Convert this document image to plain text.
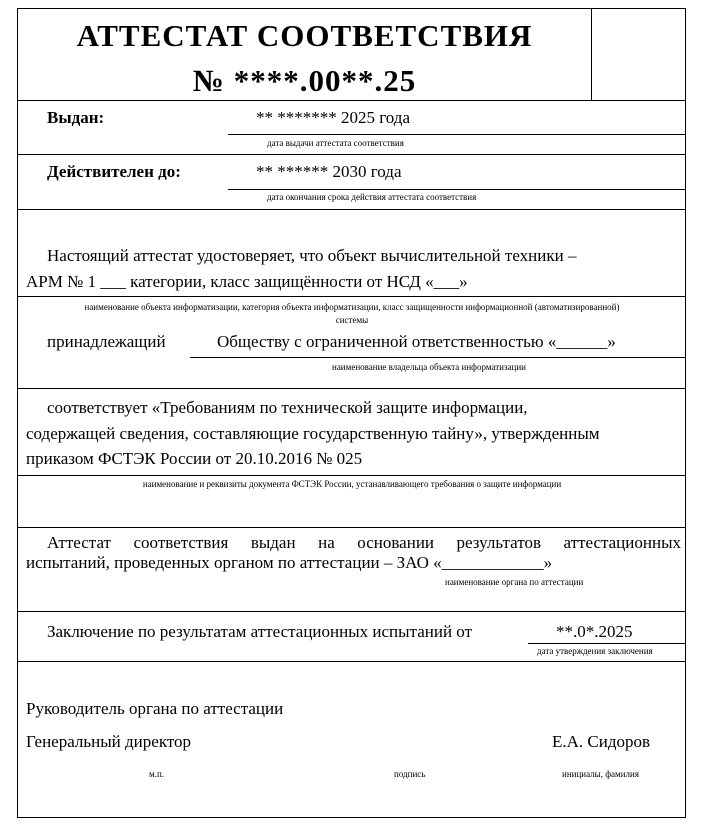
АТТЕСТАТ СООТВЕТСТВИЯ
№ ****.00**.25
Выдан:	** ******* 2025 года
дата выдачи аттестата соответствия
Действителен до:	** ****** 2030 года
дата окончания срока действия аттестата соответствия
Настоящий аттестат удостоверяет, что объект вычислительной техники –
АРМ № 1 ___ категории, класс защищённости от НСД «___»
наименование объекта информатизации, категория объекта информатизации, класс защищенности информационной (автоматизированной)
системы
принадлежащий	Обществу с ограниченной ответственностью «______»
наименование владельца объекта информатизации
соответствует «Требованиям по технической защите информации,
содержащей сведения, составляющие государственную тайну», утвержденным
приказом ФСТЭК России от 20.10.2016 № 025
наименование и реквизиты документа ФСТЭК России, устанавливающего требования о защите информации
Аттестат соответствия выдан на основании результатов аттестационных
испытаний, проведенных органом по аттестации – ЗАО «____________»
наименование органа по аттестации
Заключение по результатам аттестационных испытаний от	**.0*.2025
дата утверждения заключения
Руководитель органа по аттестации
Генеральный директор	Е.А. Сидоров
м.п.	подпись	инициалы, фамилия
